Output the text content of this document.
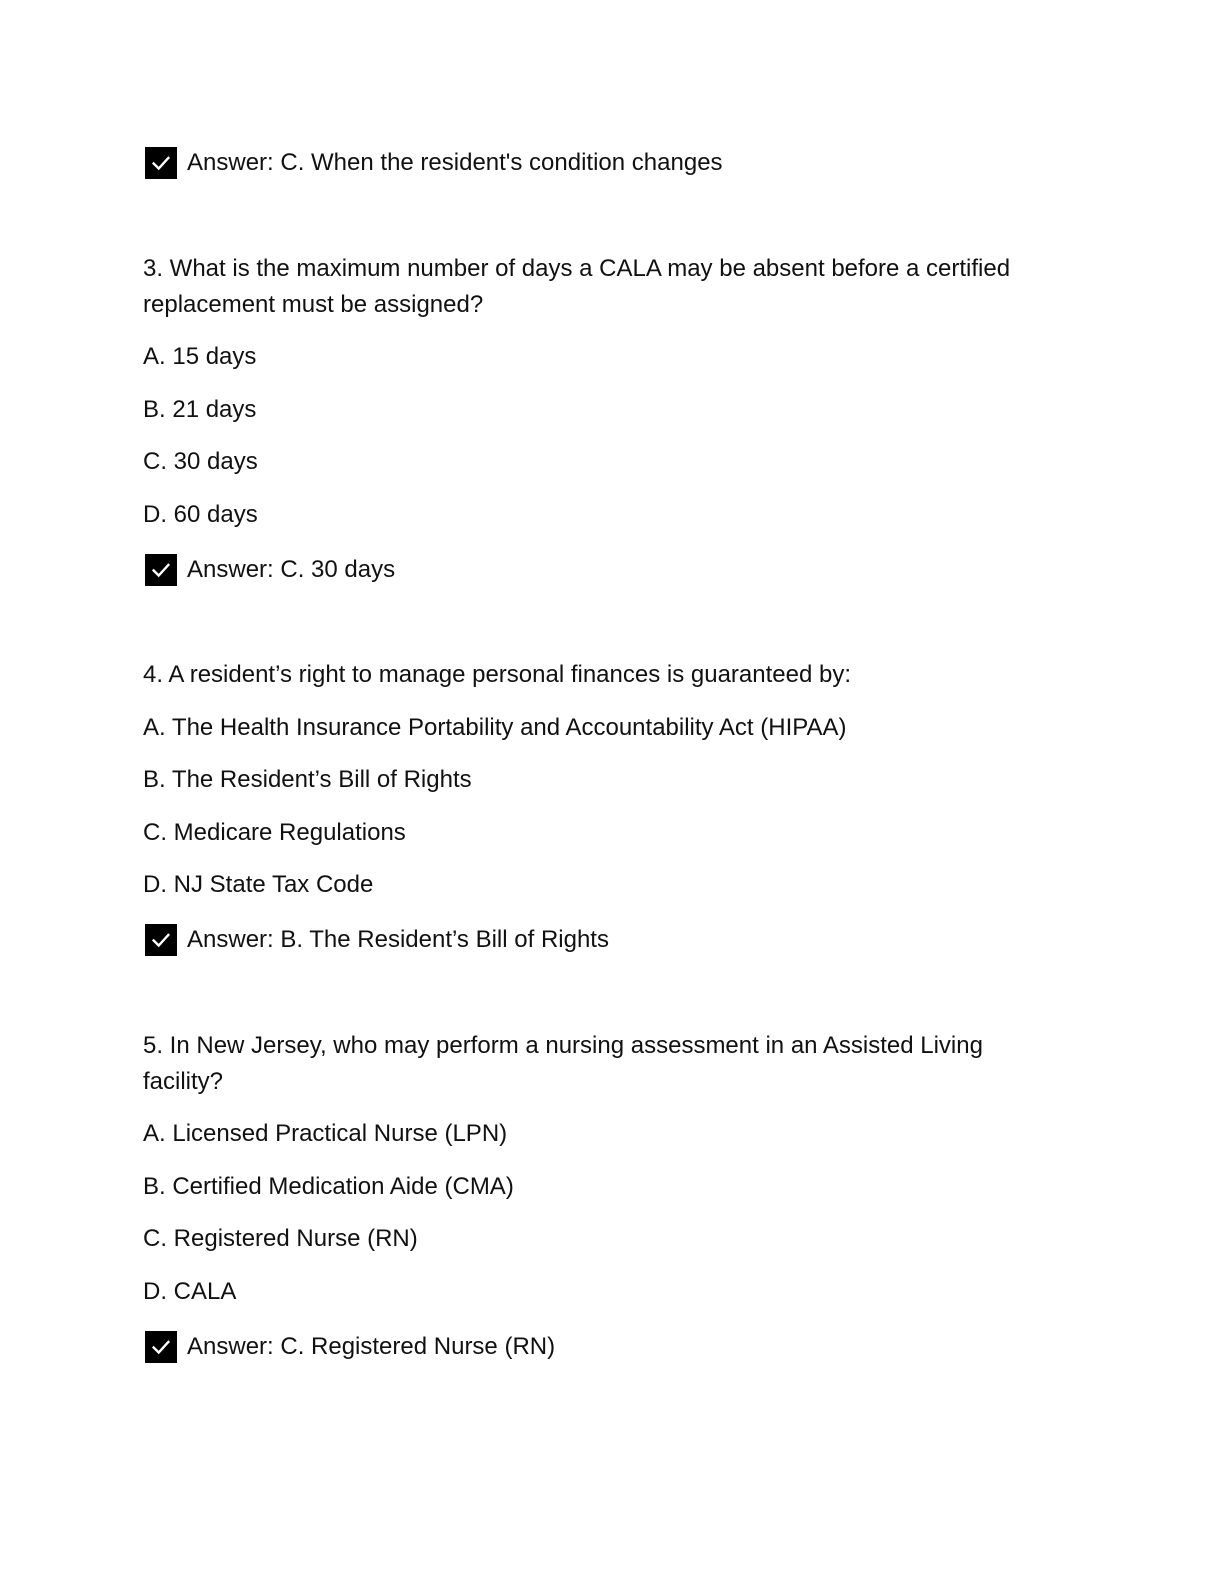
Answer: C. When the resident's condition changes
3. What is the maximum number of days a CALA may be absent before a certified
replacement must be assigned?
A. 15 days
B. 21 days
C. 30 days
D. 60 days
Answer: C. 30 days
4. A resident’s right to manage personal finances is guaranteed by:
A. The Health Insurance Portability and Accountability Act (HIPAA)
B. The Resident’s Bill of Rights
C. Medicare Regulations
D. NJ State Tax Code
Answer: B. The Resident’s Bill of Rights
5. In New Jersey, who may perform a nursing assessment in an Assisted Living
facility?
A. Licensed Practical Nurse (LPN)
B. Certified Medication Aide (CMA)
C. Registered Nurse (RN)
D. CALA
Answer: C. Registered Nurse (RN)
